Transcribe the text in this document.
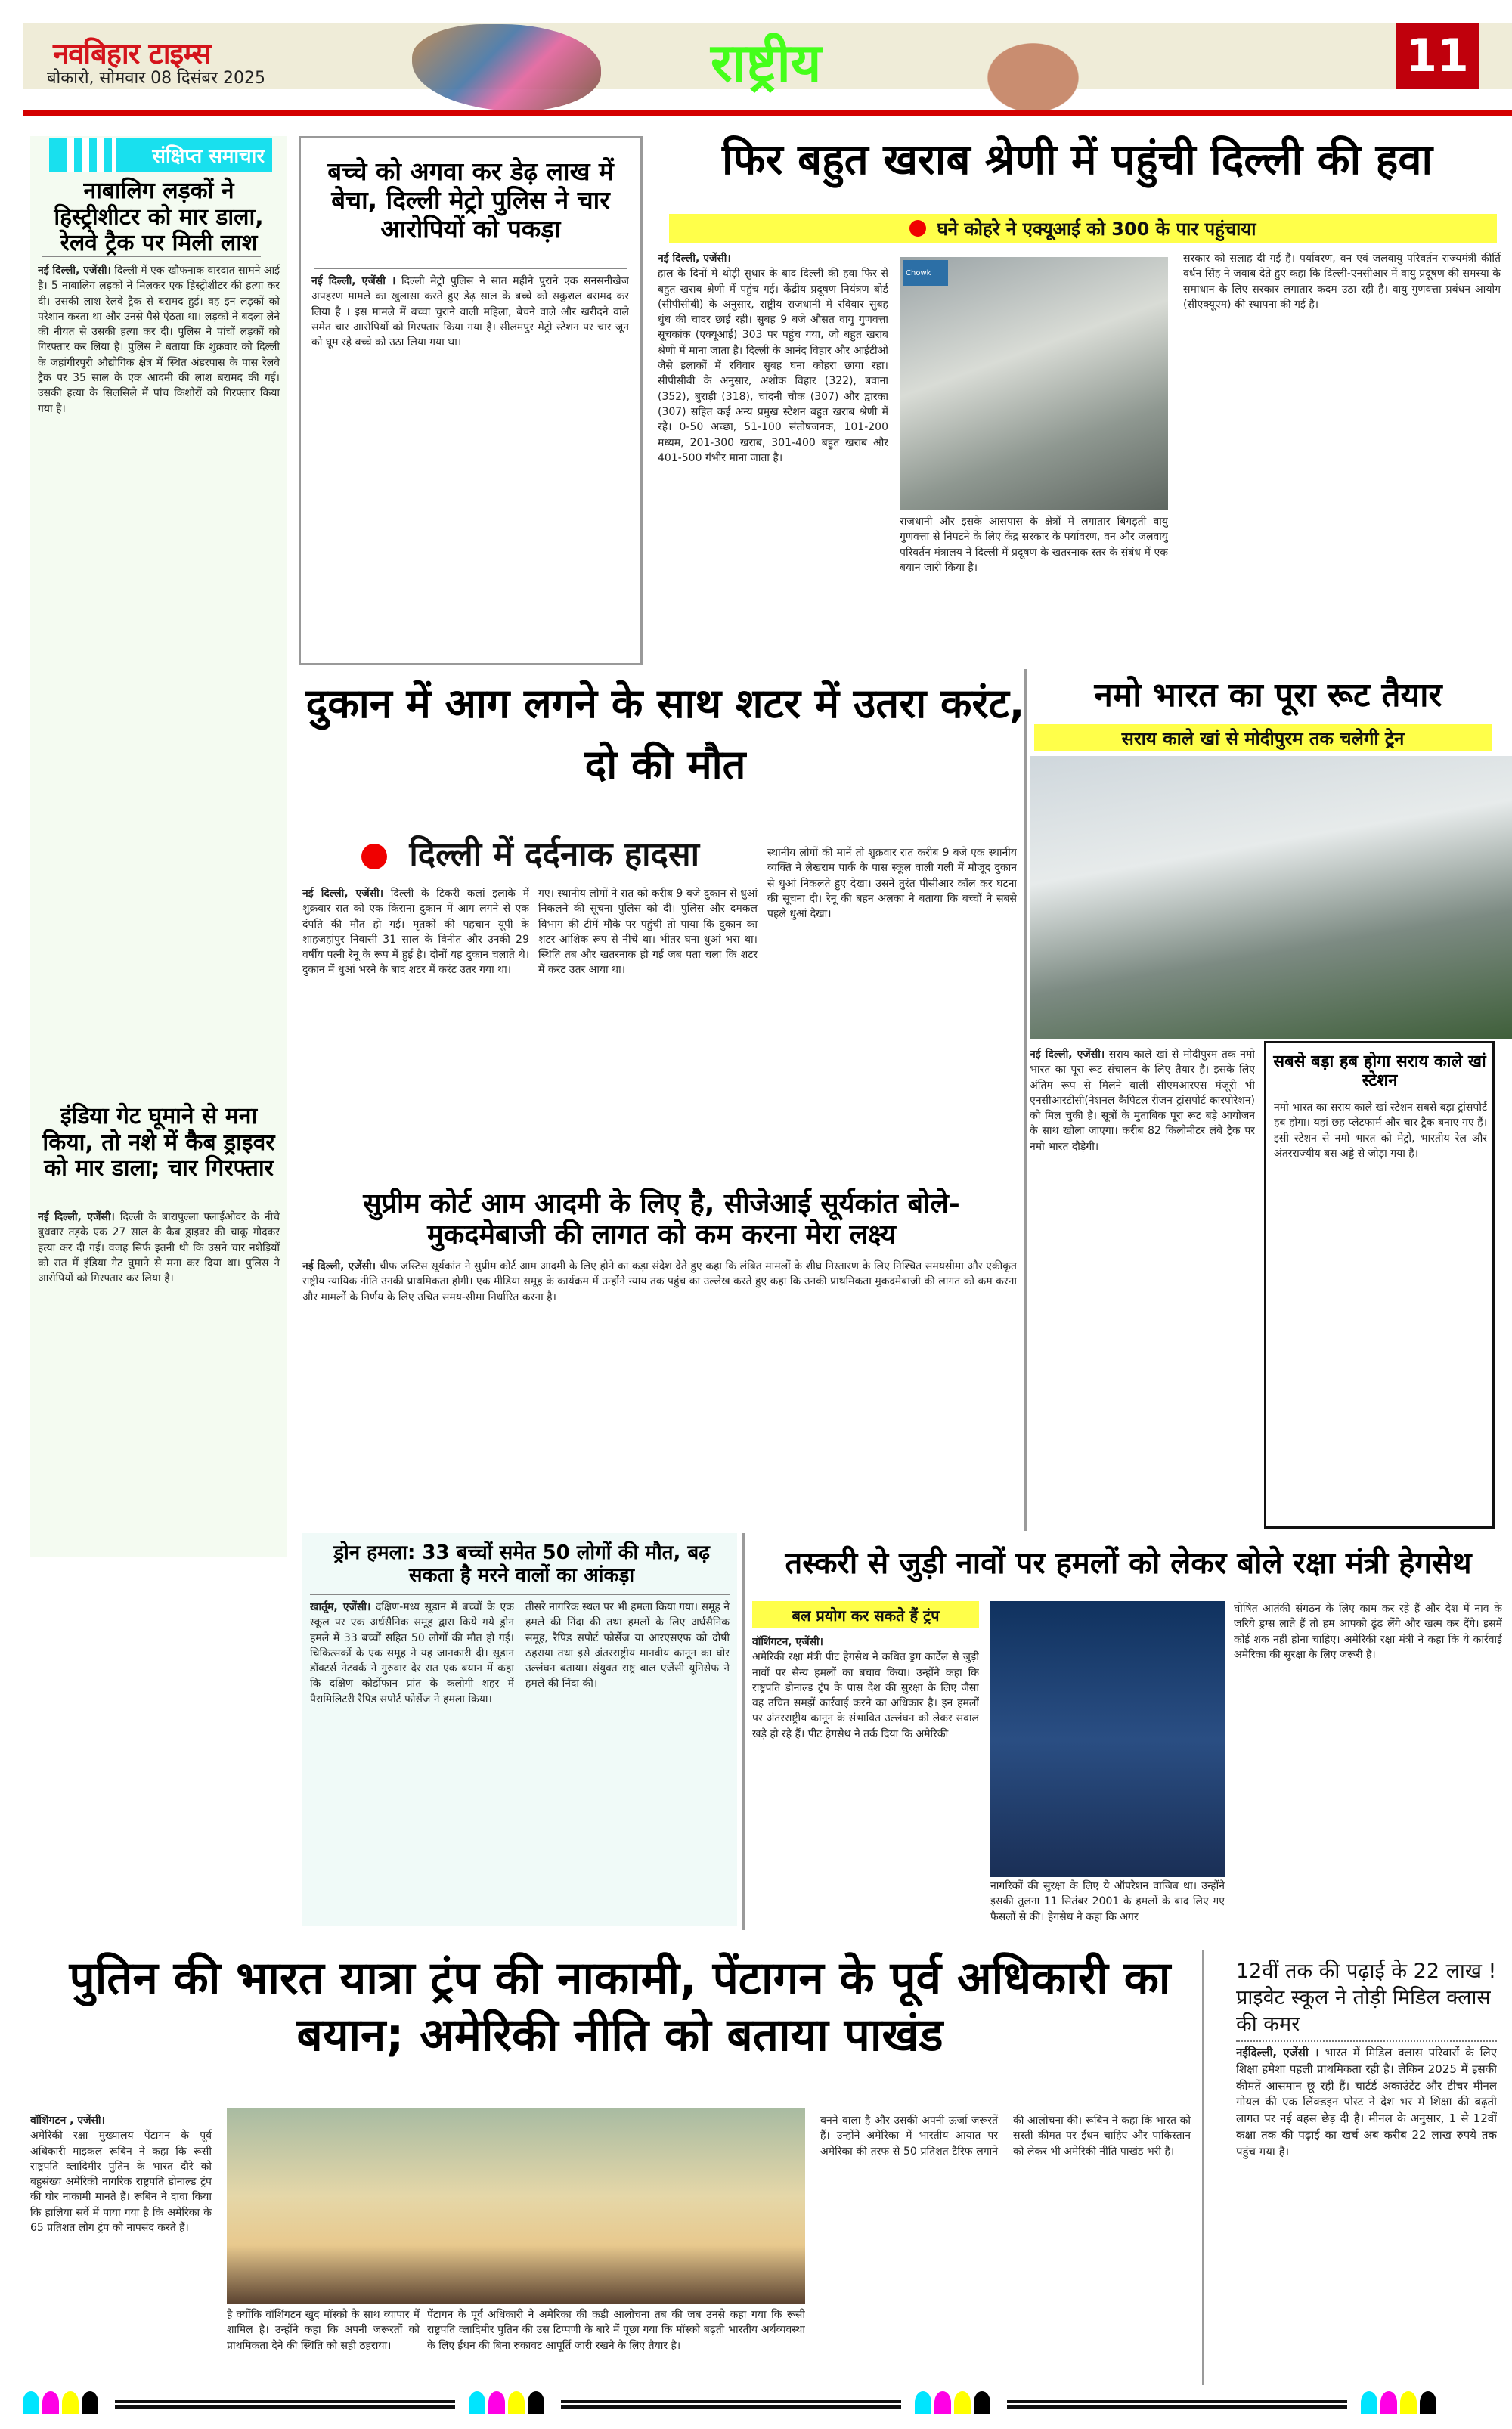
नवबिहार टाइम्स
बोकारो, सोमवार 08 दिसंबर 2025	राष्ट्रीय	11
संक्षिप्त समाचार
नाबालिग लड़कों ने हिस्ट्रीशीटर को मार डाला, रेलवे ट्रैक पर मिली लाश
नई दिल्ली, एजेंसी। दिल्ली में एक खौफनाक वारदात सामने आई है। 5 नाबालिग लड़कों ने मिलकर एक हिस्ट्रीशीटर की हत्या कर दी। उसकी लाश रेलवे ट्रैक से बरामद हुई। वह इन लड़कों को परेशान करता था और उनसे पैसे ऐंठता था। लड़कों ने बदला लेने की नीयत से उसकी हत्या कर दी। पुलिस ने पांचों लड़कों को गिरफ्तार कर लिया है। पुलिस ने बताया कि शुक्रवार को दिल्ली के जहांगीरपुरी औद्योगिक क्षेत्र में स्थित अंडरपास के पास रेलवे ट्रैक पर 35 साल के एक आदमी की लाश बरामद की गई। उसकी हत्या के सिलसिले में पांच किशोरों को गिरफ्तार किया गया है।
इंडिया गेट घूमाने से मना किया, तो नशे में कैब ड्राइवर को मार डाला; चार गिरफ्तार
नई दिल्ली, एजेंसी। दिल्ली के बारापुल्ला फ्लाईओवर के नीचे बुधवार तड़के एक 27 साल के कैब ड्राइवर की चाकू गोदकर हत्या कर दी गई। वजह सिर्फ इतनी थी कि उसने चार नशेड़ियों को रात में इंडिया गेट घुमाने से मना कर दिया था। पुलिस ने आरोपियों को गिरफ्तार कर लिया है।
बच्चे को अगवा कर डेढ़ लाख में बेचा, दिल्ली मेट्रो पुलिस ने चार आरोपियों को पकड़ा
नई दिल्ली, एजेंसी । दिल्ली मेट्रो पुलिस ने सात महीने पुराने एक सनसनीखेज अपहरण मामले का खुलासा करते हुए डेढ़ साल के बच्चे को सकुशल बरामद कर लिया है । इस मामले में बच्चा चुराने वाली महिला, बेचने वाले और खरीदने वाले समेत चार आरोपियों को गिरफ्तार किया गया है। सीलमपुर मेट्रो स्टेशन पर चार जून को घूम रहे बच्चे को उठा लिया गया था।
फिर बहुत खराब श्रेणी में पहुंची दिल्ली की हवा
घने कोहरे ने एक्यूआई को 300 के पार पहुंचाया
नई दिल्ली, एजेंसी।
हाल के दिनों में थोड़ी सुधार के बाद दिल्ली की हवा फिर से बहुत खराब श्रेणी में पहुंच गई। केंद्रीय प्रदूषण नियंत्रण बोर्ड (सीपीसीबी) के अनुसार, राष्ट्रीय राजधानी में रविवार सुबह धुंध की चादर छाई रही। सुबह 9 बजे औसत वायु गुणवत्ता सूचकांक (एक्यूआई) 303 पर पहुंच गया, जो बहुत खराब श्रेणी में माना जाता है। दिल्ली के आनंद विहार और आईटीओ जैसे इलाकों में रविवार सुबह घना कोहरा छाया रहा। सीपीसीबी के अनुसार, अशोक विहार (322), बवाना (352), बुराड़ी (318), चांदनी चौक (307) और द्वारका (307) सहित कई अन्य प्रमुख स्टेशन बहुत खराब श्रेणी में रहे। 0-50 अच्छा, 51-100 संतोषजनक, 101-200 मध्यम, 201-300 खराब, 301-400 बहुत खराब और 401-500 गंभीर माना जाता है।
Chowk
राजधानी और इसके आसपास के क्षेत्रों में लगातार बिगड़ती वायु गुणवत्ता से निपटने के लिए केंद्र सरकार के पर्यावरण, वन और जलवायु परिवर्तन मंत्रालय ने दिल्ली में प्रदूषण के खतरनाक स्तर के संबंध में एक बयान जारी किया है।
सरकार को सलाह दी गई है। पर्यावरण, वन एवं जलवायु परिवर्तन राज्यमंत्री कीर्ति वर्धन सिंह ने जवाब देते हुए कहा कि दिल्ली-एनसीआर में वायु प्रदूषण की समस्या के समाधान के लिए सरकार लगातार कदम उठा रही है। वायु गुणवत्ता प्रबंधन आयोग (सीएक्यूएम) की स्थापना की गई है।
दुकान में आग लगने के साथ शटर में उतरा करंट, दो की मौत
दिल्ली में दर्दनाक हादसा
नई दिल्ली, एजेंसी। दिल्ली के टिकरी कलां इलाके में शुक्रवार रात को एक किराना दुकान में आग लगने से एक दंपति की मौत हो गई। मृतकों की पहचान यूपी के शाहजहांपुर निवासी 31 साल के विनीत और उनकी 29 वर्षीय पत्नी रेनू के रूप में हुई है। दोनों यह दुकान चलाते थे। दुकान में धुआं भरने के बाद शटर में करंट उतर गया था।
गए। स्थानीय लोगों ने रात को करीब 9 बजे दुकान से धुआं निकलने की सूचना पुलिस को दी। पुलिस और दमकल विभाग की टीमें मौके पर पहुंची तो पाया कि दुकान का शटर आंशिक रूप से नीचे था। भीतर घना धुआं भरा था। स्थिति तब और खतरनाक हो गई जब पता चला कि शटर में करंट उतर आया था।
स्थानीय लोगों की मानें तो शुक्रवार रात करीब 9 बजे एक स्थानीय व्यक्ति ने लेखराम पार्क के पास स्कूल वाली गली में मौजूद दुकान से धुआं निकलते हुए देखा। उसने तुरंत पीसीआर कॉल कर घटना की सूचना दी। रेनू की बहन अलका ने बताया कि बच्चों ने सबसे पहले धुआं देखा।
नमो भारत का पूरा रूट तैयार
सराय काले खां से मोदीपुरम तक चलेगी ट्रेन
नई दिल्ली, एजेंसी। सराय काले खां से मोदीपुरम तक नमो भारत का पूरा रूट संचालन के लिए तैयार है। इसके लिए अंतिम रूप से मिलने वाली सीएमआरएस मंजूरी भी एनसीआरटीसी(नेशनल कैपिटल रीजन ट्रांसपोर्ट कारपोरेशन) को मिल चुकी है। सूत्रों के मुताबिक पूरा रूट बड़े आयोजन के साथ खोला जाएगा। करीब 82 किलोमीटर लंबे ट्रैक पर नमो भारत दौड़ेगी।
सबसे बड़ा हब होगा सराय काले खां स्टेशन
नमो भारत का सराय काले खां स्टेशन सबसे बड़ा ट्रांसपोर्ट हब होगा। यहां छह प्लेटफार्म और चार ट्रैक बनाए गए हैं। इसी स्टेशन से नमो भारत को मेट्रो, भारतीय रेल और अंतरराज्यीय बस अड्डे से जोड़ा गया है।
सुप्रीम कोर्ट आम आदमी के लिए है, सीजेआई सूर्यकांत बोले- मुकदमेबाजी की लागत को कम करना मेरा लक्ष्य
नई दिल्ली, एजेंसी। चीफ जस्टिस सूर्यकांत ने सुप्रीम कोर्ट आम आदमी के लिए होने का कड़ा संदेश देते हुए कहा कि लंबित मामलों के शीघ्र निस्तारण के लिए निश्चित समयसीमा और एकीकृत राष्ट्रीय न्यायिक नीति उनकी प्राथमिकता होगी। एक मीडिया समूह के कार्यक्रम में उन्होंने न्याय तक पहुंच का उल्लेख करते हुए कहा कि उनकी प्राथमिकता मुकदमेबाजी की लागत को कम करना और मामलों के निर्णय के लिए उचित समय-सीमा निर्धारित करना है।
ड्रोन हमला: 33 बच्चों समेत 50 लोगों की मौत, बढ़ सकता है मरने वालों का आंकड़ा
खार्तूम, एजेंसी। दक्षिण-मध्य सूडान में बच्चों के एक स्कूल पर एक अर्धसैनिक समूह द्वारा किये गये ड्रोन हमले में 33 बच्चों सहित 50 लोगों की मौत हो गई। चिकित्सकों के एक समूह ने यह जानकारी दी। सूडान डॉक्टर्स नेटवर्क ने गुरुवार देर रात एक बयान में कहा कि दक्षिण कोर्डोफान प्रांत के कलोगी शहर में पैरामिलिटरी रैपिड सपोर्ट फोर्सेज ने हमला किया।
तीसरे नागरिक स्थल पर भी हमला किया गया। समूह ने हमले की निंदा की तथा हमलों के लिए अर्धसैनिक समूह, रैपिड सपोर्ट फोर्सेज या आरएसएफ को दोषी ठहराया तथा इसे अंतरराष्ट्रीय मानवीय कानून का घोर उल्लंघन बताया। संयुक्त राष्ट्र बाल एजेंसी यूनिसेफ ने हमले की निंदा की।
तस्करी से जुड़ी नावों पर हमलों को लेकर बोले रक्षा मंत्री हेगसेथ
बल प्रयोग कर सकते हैं ट्रंप
वॉशिंगटन, एजेंसी।
अमेरिकी रक्षा मंत्री पीट हेगसेथ ने कथित ड्रग कार्टेल से जुड़ी नावों पर सैन्य हमलों का बचाव किया। उन्होंने कहा कि राष्ट्रपति डोनाल्ड ट्रंप के पास देश की सुरक्षा के लिए जैसा वह उचित समझें कार्रवाई करने का अधिकार है। इन हमलों पर अंतरराष्ट्रीय कानून के संभावित उल्लंघन को लेकर सवाल खड़े हो रहे हैं। पीट हेगसेथ ने तर्क दिया कि अमेरिकी
नागरिकों की सुरक्षा के लिए ये ऑपरेशन वाजिब था। उन्होंने इसकी तुलना 11 सितंबर 2001 के हमलों के बाद लिए गए फैसलों से की। हेगसेथ ने कहा कि अगर
घोषित आतंकी संगठन के लिए काम कर रहे हैं और देश में नाव के जरिये ड्रग्स लाते हैं तो हम आपको ढूंढ लेंगे और खत्म कर देंगे। इसमें कोई शक नहीं होना चाहिए। अमेरिकी रक्षा मंत्री ने कहा कि ये कार्रवाई अमेरिका की सुरक्षा के लिए जरूरी है।
पुतिन की भारत यात्रा ट्रंप की नाकामी, पेंटागन के पूर्व अधिकारी का बयान; अमेरिकी नीति को बताया पाखंड
वॉशिंगटन , एजेंसी।
अमेरिकी रक्षा मुख्यालय पेंटागन के पूर्व अधिकारी माइकल रूबिन ने कहा कि रूसी राष्ट्रपति व्लादिमीर पुतिन के भारत दौरे को बहुसंख्य अमेरिकी नागरिक राष्ट्रपति डोनाल्ड ट्रंप की घोर नाकामी मानते हैं। रूबिन ने दावा किया कि हालिया सर्वे में पाया गया है कि अमेरिका के 65 प्रतिशत लोग ट्रंप को नापसंद करते हैं।
है क्योंकि वॉशिंगटन खुद मॉस्को के साथ व्यापार में शामिल है। उन्होंने कहा कि अपनी जरूरतों को प्राथमिकता देने की स्थिति को सही ठहराया।
पेंटागन के पूर्व अधिकारी ने अमेरिका की कड़ी आलोचना तब की जब उनसे कहा गया कि रूसी राष्ट्रपति व्लादिमीर पुतिन की उस टिप्पणी के बारे में पूछा गया कि मॉस्को बढ़ती भारतीय अर्थव्यवस्था के लिए ईंधन की बिना रुकावट आपूर्ति जारी रखने के लिए तैयार है।
बनने वाला है और उसकी अपनी ऊर्जा जरूरतें हैं। उन्होंने अमेरिका में भारतीय आयात पर अमेरिका की तरफ से 50 प्रतिशत टैरिफ लगाने की आलोचना की। रूबिन ने कहा कि भारत को सस्ती कीमत पर ईंधन चाहिए और पाकिस्तान को लेकर भी अमेरिकी नीति पाखंड भरी है।
12वीं तक की पढ़ाई के 22 लाख ! प्राइवेट स्कूल ने तोड़ी मिडिल क्लास की कमर
नईदिल्ली, एजेंसी । भारत में मिडिल क्लास परिवारों के लिए शिक्षा हमेशा पहली प्राथमिकता रही है। लेकिन 2025 में इसकी कीमतें आसमान छू रही हैं। चार्टर्ड अकाउंटेंट और टीचर मीनल गोयल की एक लिंक्डइन पोस्ट ने देश भर में शिक्षा की बढ़ती लागत पर नई बहस छेड़ दी है। मीनल के अनुसार, 1 से 12वीं कक्षा तक की पढ़ाई का खर्च अब करीब 22 लाख रुपये तक पहुंच गया है।
